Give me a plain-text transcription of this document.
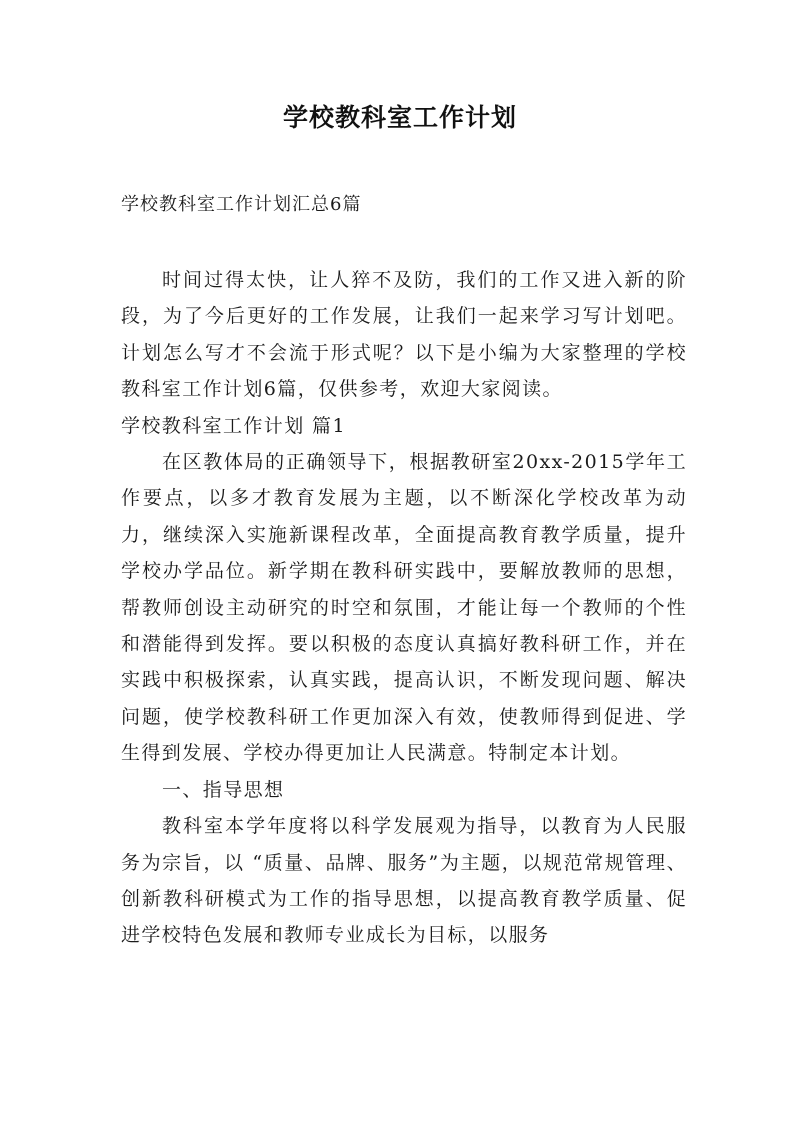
学校教科室工作计划
学校教科室工作计划汇总6篇

时间过得太快，让人猝不及防，我们的工作又进入新的阶段，为了今后更好的工作发展，让我们一起来学习写计划吧。计划怎么写才不会流于形式呢？以下是小编为大家整理的学校教科室工作计划6篇，仅供参考，欢迎大家阅读。

学校教科室工作计划 篇1

在区教体局的正确领导下，根据教研室20xx-2015学年工作要点，以多才教育发展为主题，以不断深化学校改革为动力，继续深入实施新课程改革，全面提高教育教学质量，提升学校办学品位。新学期在教科研实践中，要解放教师的思想，帮教师创设主动研究的时空和氛围，才能让每一个教师的个性和潜能得到发挥。要以积极的态度认真搞好教科研工作，并在实践中积极探索，认真实践，提高认识，不断发现问题、解决问题，使学校教科研工作更加深入有效，使教师得到促进、学生得到发展、学校办得更加让人民满意。特制定本计划。

一、指导思想

教科室本学年度将以科学发展观为指导，以教育为人民服务为宗旨，以 “质量、品牌、服务”为主题，以规范常规管理、创新教科研模式为工作的指导思想，以提高教育教学质量、促进学校特色发展和教师专业成长为目标，以服务
